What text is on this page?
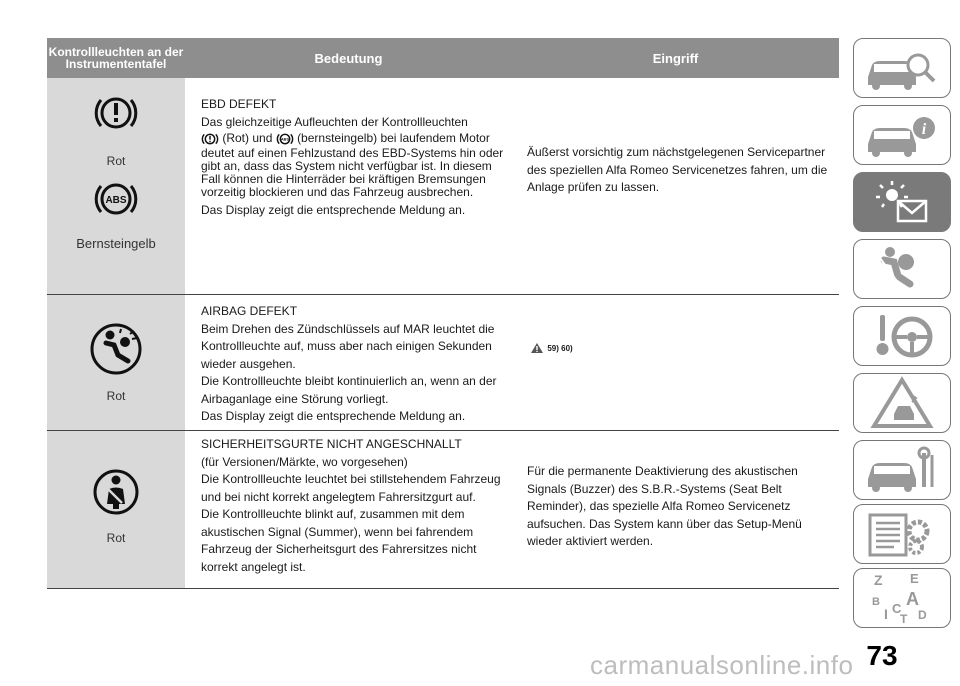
Kontrollleuchten an der Instrumententafel	Bedeutung	Eingriff
Rot
ABS
Bernsteingelb

EBD DEFEKT

Das gleichzeitige Aufleuchten der Kontrollleuchten

(Rot) und ABS (bernsteingelb) bei laufendem Motor

deutet auf einen Fehlzustand des EBD-Systems hin oder gibt an, dass das System nicht verfügbar ist. In diesem Fall können die Hinterräder bei kräftigen Bremsungen vorzeitig blockieren und das Fahrzeug ausbrechen.

Das Display zeigt die entsprechende Meldung an.

Äußerst vorsichtig zum nächstgelegenen Servicepartner des speziellen Alfa Romeo Servicenetzes fahren, um die Anlage prüfen zu lassen.
Rot

AIRBAG DEFEKT

Beim Drehen des Zündschlüssels auf MAR leuchtet die Kontrollleuchte auf, muss aber nach einigen Sekunden wieder ausgehen.

Die Kontrollleuchte bleibt kontinuierlich an, wenn an der Airbaganlage eine Störung vorliegt.

Das Display zeigt die entsprechende Meldung an.

59) 60)
Rot

SICHERHEITSGURTE NICHT ANGESCHNALLT

(für Versionen/Märkte, wo vorgesehen)

Die Kontrollleuchte leuchtet bei stillstehendem Fahrzeug und bei nicht korrekt angelegtem Fahrersitzgurt auf.

Die Kontrollleuchte blinkt auf, zusammen mit dem akustischen Signal (Summer), wenn bei fahrendem Fahrzeug der Sicherheitsgurt des Fahrersitzes nicht korrekt angelegt ist.

Für die permanente Deaktivierung des akustischen Signals (Buzzer) des S.B.R.-Systems (Seat Belt Reminder), das spezielle Alfa Romeo Servicenetz aufsuchen. Das System kann über das Setup-Menü wieder aktiviert werden.
i
Z E
B A
I C
T D
73
carmanualsonline.info
